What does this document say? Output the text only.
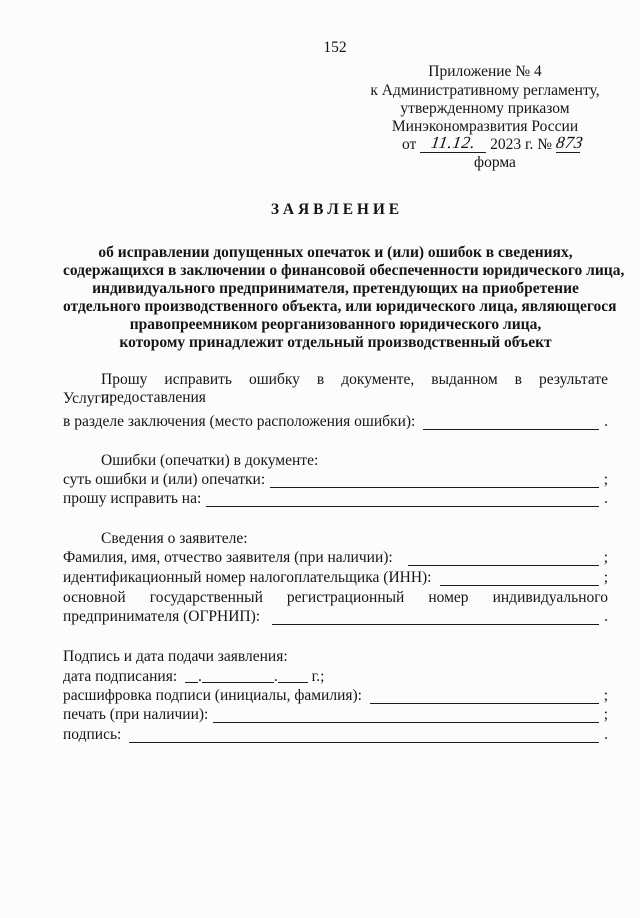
152
Приложение № 4
к Административному регламенту,
утвержденному приказом
Минэкономразвития России
от 11.12. 2023 г. № 873
форма
З А Я В Л Е Н И Е
об исправлении допущенных опечаток и (или) ошибок в сведениях,
содержащихся в заключении о финансовой обеспеченности юридического лица,
индивидуального предпринимателя, претендующих на приобретение
отдельного производственного объекта, или юридического лица, являющегося
правопреемником реорганизованного юридического лица,
которому принадлежит отдельный производственный объект
Прошу исправить ошибку в документе, выданном в результате предоставления
Услуги:
в разделе заключения (место расположения ошибки):
	.
Ошибки (опечатки) в документе:
суть ошибки и (или) опечатки:
	;
прошу исправить на:
	.
Сведения о заявителе:
Фамилия, имя, отчество заявителя (при наличии):
	;
идентификационный номер налогоплательщика (ИНН):
	;
основной государственный регистрационный номер индивидуального
предпринимателя (ОГРНИП):
	.
Подпись и дата подачи заявления:
дата подписания: .	. г.;
расшифровка подписи (инициалы, фамилия):
	;
печать (при наличии):
	;
подпись:
	.
